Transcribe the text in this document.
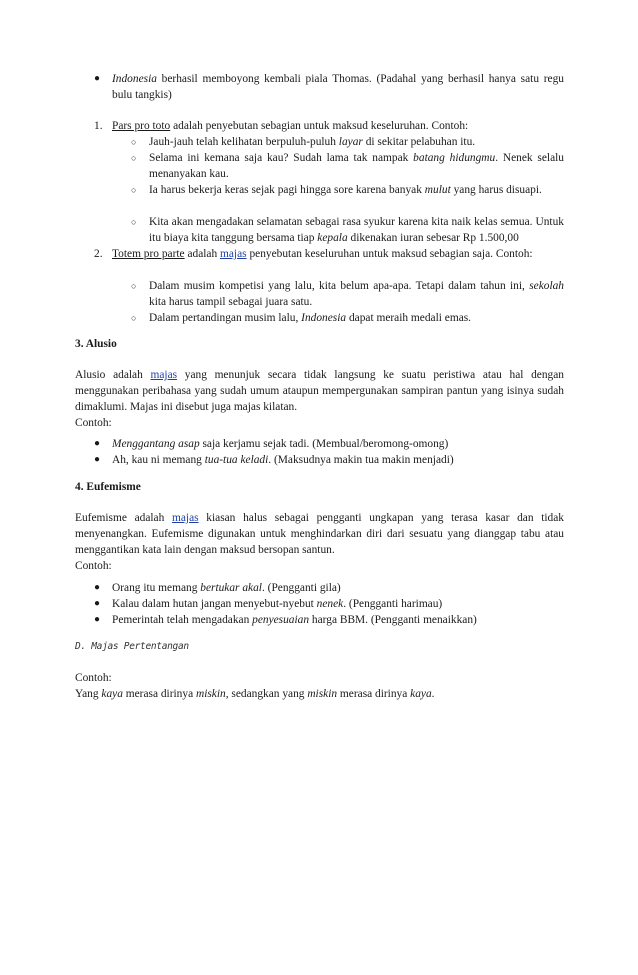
● Indonesia berhasil memboyong kembali piala Thomas. (Padahal yang berhasil hanya satu regu bulu tangkis)
1. Pars pro toto adalah penyebutan sebagian untuk maksud keseluruhan. Contoh:
○ Jauh-jauh telah kelihatan berpuluh-puluh layar di sekitar pelabuhan itu.
○ Selama ini kemana saja kau? Sudah lama tak nampak batang hidungmu. Nenek selalu menanyakan kau.
○ Ia harus bekerja keras sejak pagi hingga sore karena banyak mulut yang harus disuapi.
○ Kita akan mengadakan selamatan sebagai rasa syukur karena kita naik kelas semua. Untuk itu biaya kita tanggung bersama tiap kepala dikenakan iuran sebesar Rp 1.500,00
2. Totem pro parte adalah majas penyebutan keseluruhan untuk maksud sebagian saja. Contoh:
○ Dalam musim kompetisi yang lalu, kita belum apa-apa. Tetapi dalam tahun ini, sekolah kita harus tampil sebagai juara satu.
○ Dalam pertandingan musim lalu, Indonesia dapat meraih medali emas.
3. Alusio
Alusio adalah majas yang menunjuk secara tidak langsung ke suatu peristiwa atau hal dengan menggunakan peribahasa yang sudah umum ataupun mempergunakan sampiran pantun yang isinya sudah dimaklumi. Majas ini disebut juga majas kilatan.
Contoh:
● Menggantang asap saja kerjamu sejak tadi. (Membual/beromong-omong)
● Ah, kau ni memang tua-tua keladi. (Maksudnya makin tua makin menjadi)
4. Eufemisme
Eufemisme adalah majas kiasan halus sebagai pengganti ungkapan yang terasa kasar dan tidak menyenangkan. Eufemisme digunakan untuk menghindarkan diri dari sesuatu yang dianggap tabu atau menggantikan kata lain dengan maksud bersopan santun.
Contoh:
● Orang itu memang bertukar akal. (Pengganti gila)
● Kalau dalam hutan jangan menyebut-nyebut nenek. (Pengganti harimau)
● Pemerintah telah mengadakan penyesuaian harga BBM. (Pengganti menaikkan)
D. Majas Pertentangan
Contoh:
Yang kaya merasa dirinya miskin, sedangkan yang miskin merasa dirinya kaya.
